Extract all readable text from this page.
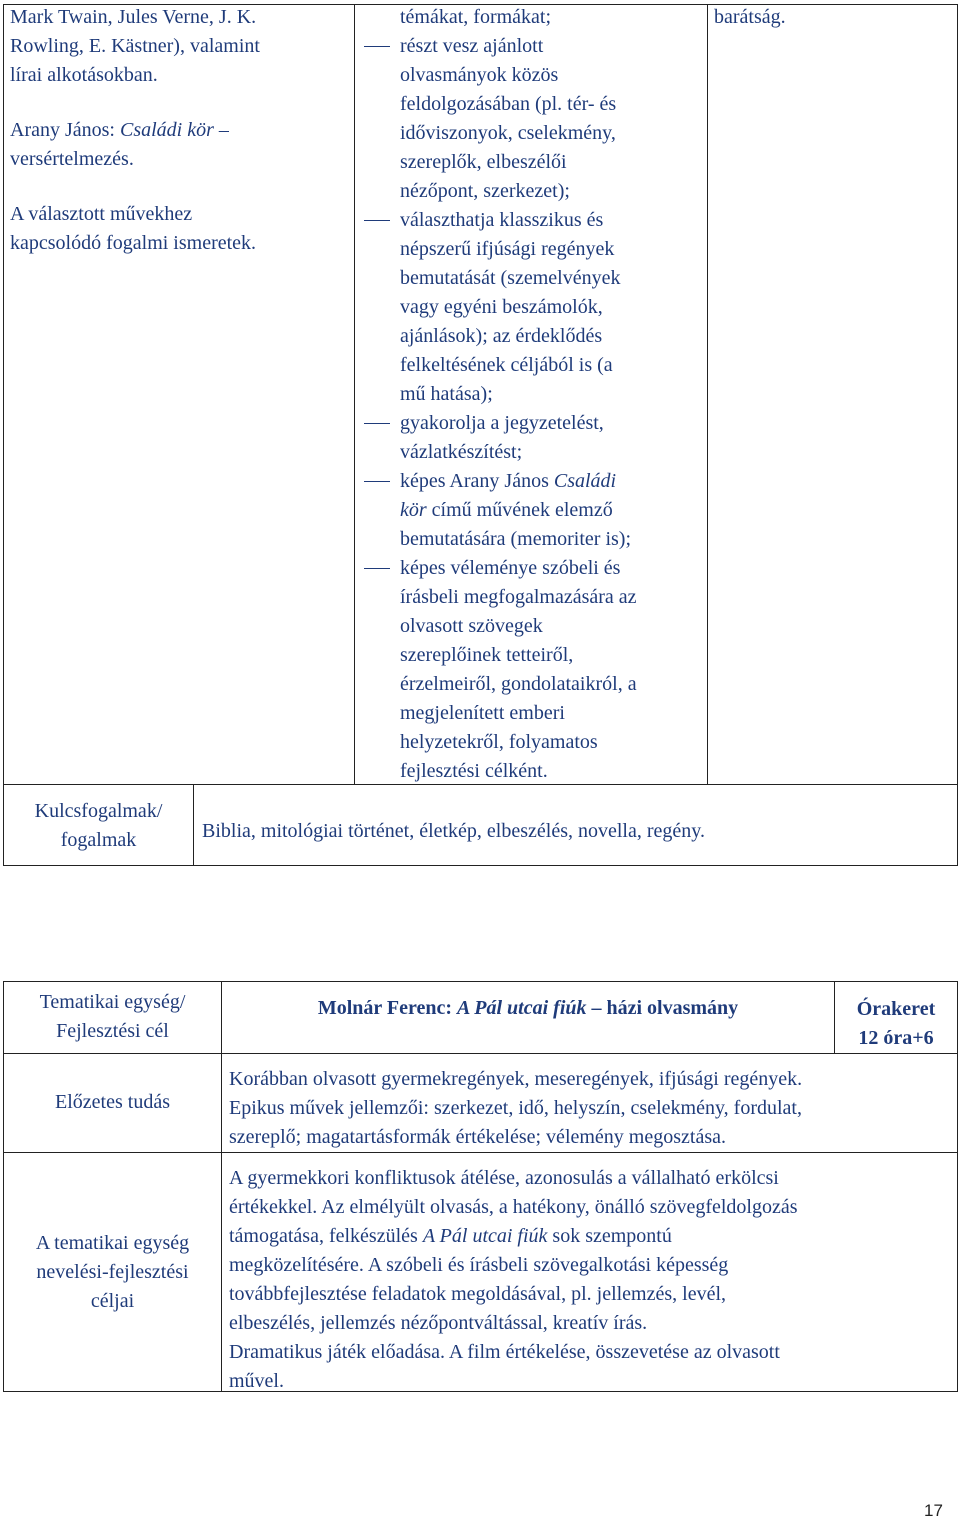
Mark Twain, Jules Verne, J. K.
Rowling, E. Kästner), valamint
lírai alkotásokban.
Arany János: Családi kör –
versértelmezés.
A választott művekhez
kapcsolódó fogalmi ismeretek.
témákat, formákat;
részt vesz ajánlott
olvasmányok közös
feldolgozásában (pl. tér- és
időviszonyok, cselekmény,
szereplők, elbeszélői
nézőpont, szerkezet);
választhatja klasszikus és
népszerű ifjúsági regények
bemutatását (szemelvények
vagy egyéni beszámolók,
ajánlások); az érdeklődés
felkeltésének céljából is (a
mű hatása);
gyakorolja a jegyzetelést,
vázlatkészítést;
képes Arany János Családi
kör című művének elemző
bemutatására (memoriter is);
képes véleménye szóbeli és
írásbeli megfogalmazására az
olvasott szövegek
szereplőinek tetteiről,
érzelmeiről, gondolataikról, a
megjelenített emberi
helyzetekről, folyamatos
fejlesztési célként.
barátság.
Kulcsfogalmak/
fogalmak	Biblia, mitológiai történet, életkép, elbeszélés, novella, regény.
Tematikai egység/
Fejlesztési cél
Molnár Ferenc: A Pál utcai fiúk – házi olvasmány	Órakeret
12 óra+6
Előzetes tudás
Korábban olvasott gyermekregények, meseregények, ifjúsági regények.
Epikus művek jellemzői: szerkezet, idő, helyszín, cselekmény, fordulat,
szereplő; magatartásformák értékelése; vélemény megosztása.
A tematikai egység
nevelési-fejlesztési
céljai
A gyermekkori konfliktusok átélése, azonosulás a vállalható erkölcsi
értékekkel. Az elmélyült olvasás, a hatékony, önálló szövegfeldolgozás
támogatása, felkészülés A Pál utcai fiúk sok szempontú
megközelítésére. A szóbeli és írásbeli szövegalkotási képesség
továbbfejlesztése feladatok megoldásával, pl. jellemzés, levél,
elbeszélés, jellemzés nézőpontváltással, kreatív írás.
Dramatikus játék előadása. A film értékelése, összevetése az olvasott
művel.
17
